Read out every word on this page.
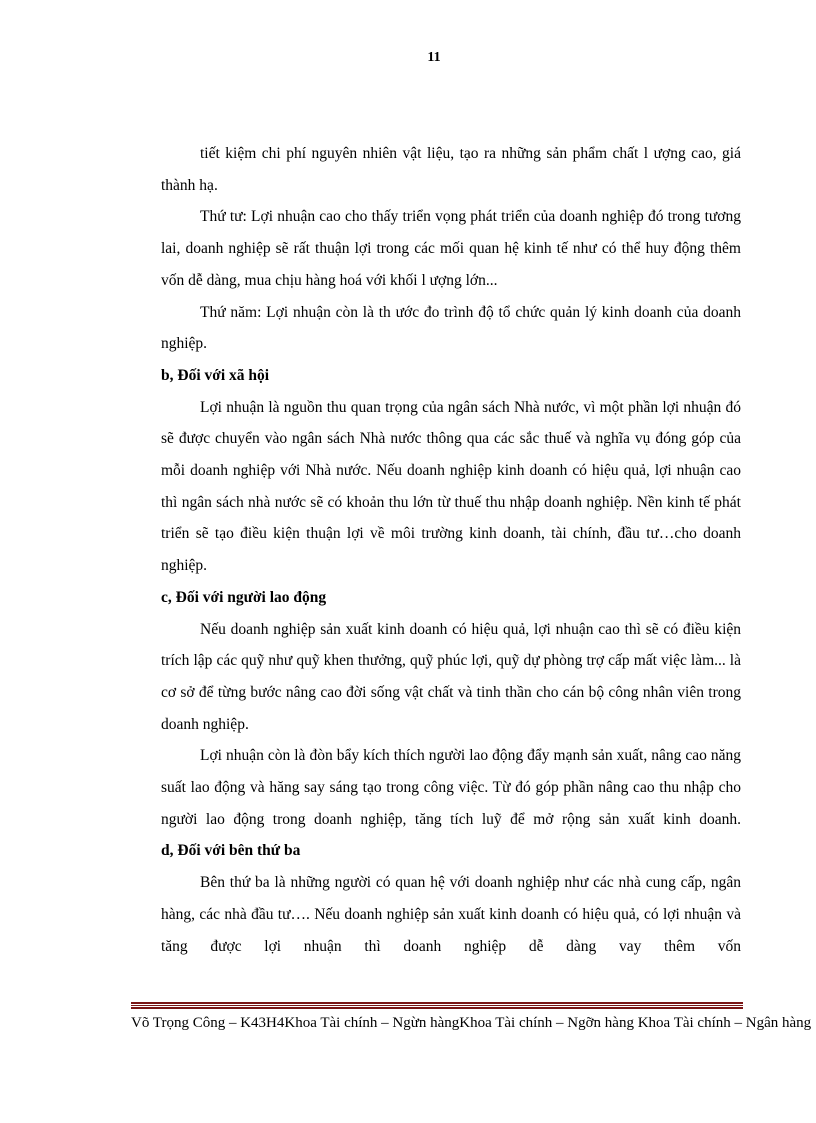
11

tiết kiệm chi phí nguyên nhiên vật liệu, tạo ra những sản phẩm chất l ượng cao, giá thành hạ.

Thứ tư: Lợi nhuận cao cho thấy triển vọng phát triển của doanh nghiệp đó trong tương lai, doanh nghiệp sẽ rất thuận lợi trong các mối quan hệ kinh tế như có thể huy động thêm vốn dễ dàng, mua chịu hàng hoá với khối l ượng lớn...

Thứ năm: Lợi nhuận còn là th ước đo trình độ tổ chức quản lý kinh doanh của doanh nghiệp.

b, Đối với xã hội

Lợi nhuận là nguồn thu quan trọng của ngân sách Nhà nước, vì một phần lợi nhuận đó sẽ được chuyển vào ngân sách Nhà nước thông qua các sắc thuế và nghĩa vụ đóng góp của mỗi doanh nghiệp với Nhà nước. Nếu doanh nghiệp kinh doanh có hiệu quả, lợi nhuận cao thì ngân sách nhà nước sẽ có khoản thu lớn từ thuế thu nhập doanh nghiệp. Nền kinh tế phát triển sẽ tạo điều kiện thuận lợi về môi trường kinh doanh, tài chính, đầu tư…cho doanh nghiệp.

c, Đối với người lao động

Nếu doanh nghiệp sản xuất kinh doanh có hiệu quả, lợi nhuận cao thì sẽ có điều kiện trích lập các quỹ như quỹ khen thưởng, quỹ phúc lợi, quỹ dự phòng trợ cấp mất việc làm... là cơ sở để từng bước nâng cao đời sống vật chất và tinh thần cho cán bộ công nhân viên trong doanh nghiệp.

Lợi nhuận còn là đòn bẩy kích thích người lao động đẩy mạnh sản xuất, nâng cao năng suất lao động và hăng say sáng tạo trong công việc. Từ đó góp phần nâng cao thu nhập cho người lao động trong doanh nghiệp, tăng tích luỹ để mở rộng sản xuất kinh doanh.

d, Đối với bên thứ ba

Bên thứ ba là những người có quan hệ với doanh nghiệp như các nhà cung cấp, ngân hàng, các nhà đầu tư…. Nếu doanh nghiệp sản xuất kinh doanh có hiệu quả, có lợi nhuận và tăng được lợi nhuận thì doanh nghiệp dễ dàng vay thêm vốn

Võ Trọng Công – K43H4Khoa Tài chính – Ngừn hàngKhoa Tài chính – Ngỡn hàng Khoa Tài chính – Ngân hàng
